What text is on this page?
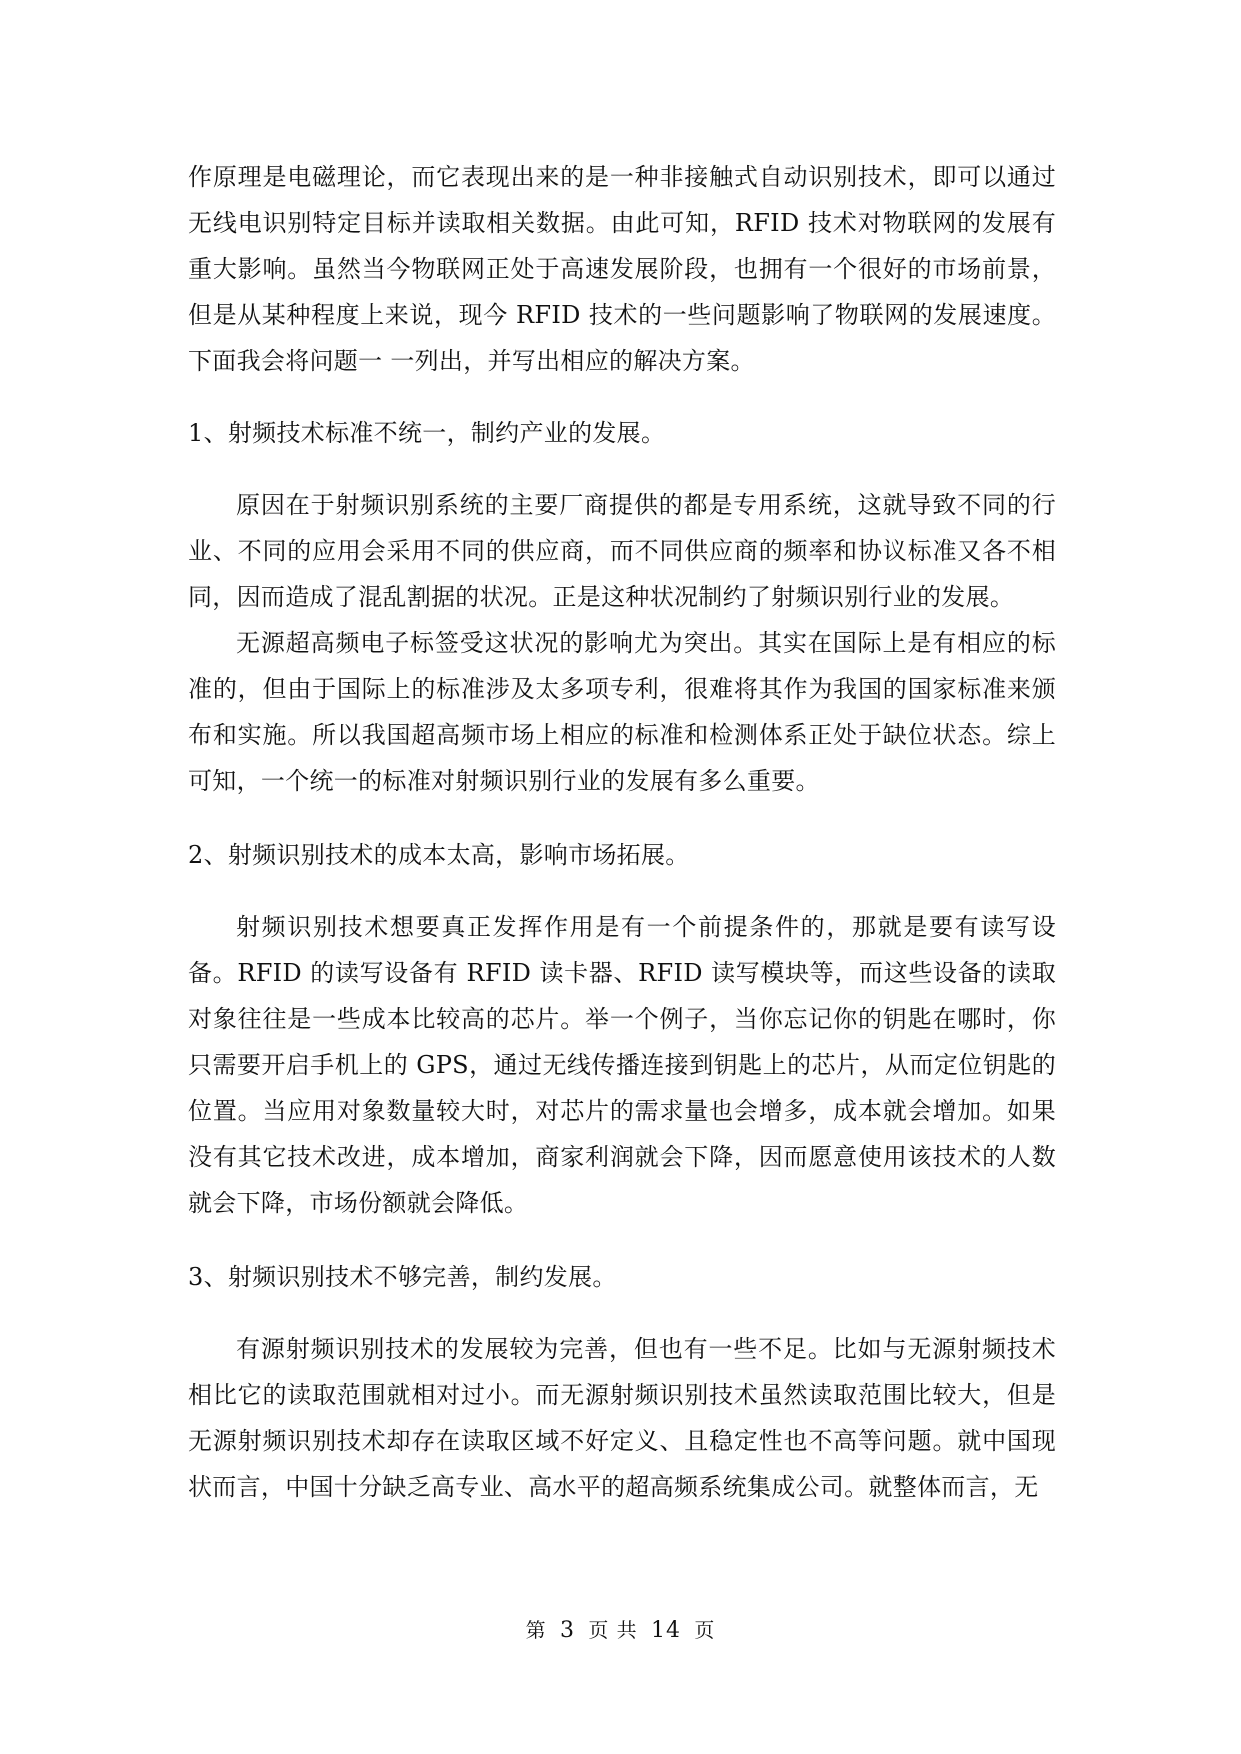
作原理是电磁理论，而它表现出来的是一种非接触式自动识别技术，即可以通过无线电识别特定目标并读取相关数据。由此可知，RFID 技术对物联网的发展有重大影响。虽然当今物联网正处于高速发展阶段，也拥有一个很好的市场前景，但是从某种程度上来说，现今 RFID 技术的一些问题影响了物联网的发展速度。下面我会将问题一 一列出，并写出相应的解决方案。

1、射频技术标准不统一，制约产业的发展。

原因在于射频识别系统的主要厂商提供的都是专用系统，这就导致不同的行业、不同的应用会采用不同的供应商，而不同供应商的频率和协议标准又各不相同，因而造成了混乱割据的状况。正是这种状况制约了射频识别行业的发展。

无源超高频电子标签受这状况的影响尤为突出。其实在国际上是有相应的标准的，但由于国际上的标准涉及太多项专利，很难将其作为我国的国家标准来颁布和实施。所以我国超高频市场上相应的标准和检测体系正处于缺位状态。综上可知，一个统一的标准对射频识别行业的发展有多么重要。

2、射频识别技术的成本太高，影响市场拓展。

射频识别技术想要真正发挥作用是有一个前提条件的，那就是要有读写设备。RFID 的读写设备有 RFID 读卡器、RFID 读写模块等，而这些设备的读取对象往往是一些成本比较高的芯片。举一个例子，当你忘记你的钥匙在哪时，你只需要开启手机上的 GPS，通过无线传播连接到钥匙上的芯片，从而定位钥匙的位置。当应用对象数量较大时，对芯片的需求量也会增多，成本就会增加。如果没有其它技术改进，成本增加，商家利润就会下降，因而愿意使用该技术的人数就会下降，市场份额就会降低。

3、射频识别技术不够完善，制约发展。

有源射频识别技术的发展较为完善，但也有一些不足。比如与无源射频技术相比它的读取范围就相对过小。而无源射频识别技术虽然读取范围比较大，但是无源射频识别技术却存在读取区域不好定义、且稳定性也不高等问题。就中国现状而言，中国十分缺乏高专业、高水平的超高频系统集成公司。就整体而言，无

第 3 页 共 14 页
